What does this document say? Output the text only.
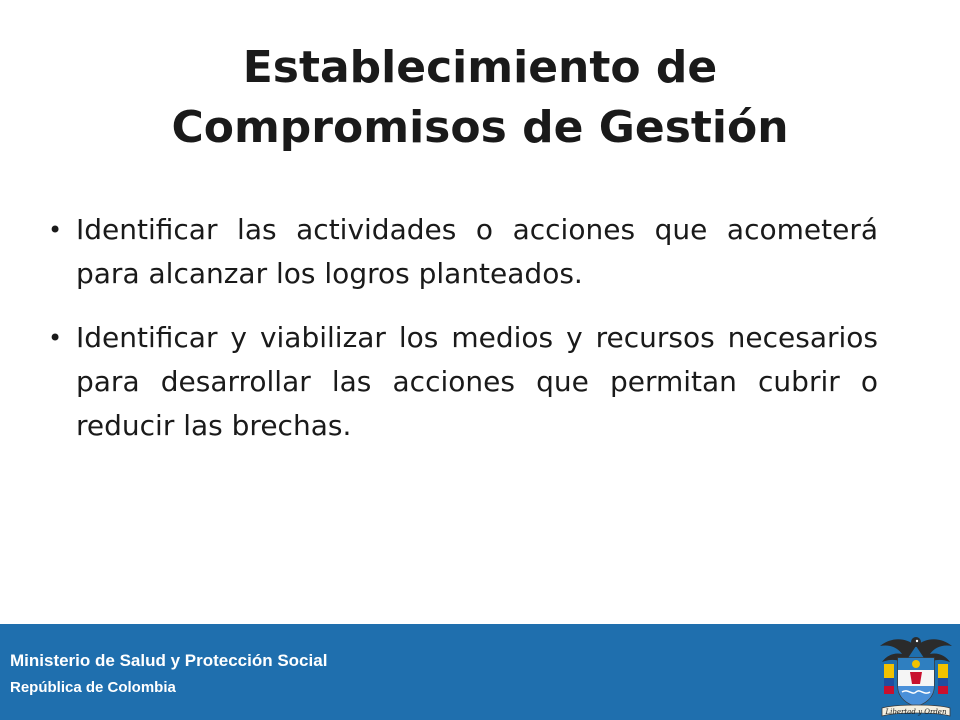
Establecimiento de
Compromisos de Gestión
• Identificar las actividades o acciones que acometerá para alcanzar los logros planteados.
• Identificar y viabilizar los medios y recursos necesarios para desarrollar las acciones que permitan cubrir o reducir las brechas.
Ministerio de Salud y Protección Social
República de Colombia
Libertad y Orden
